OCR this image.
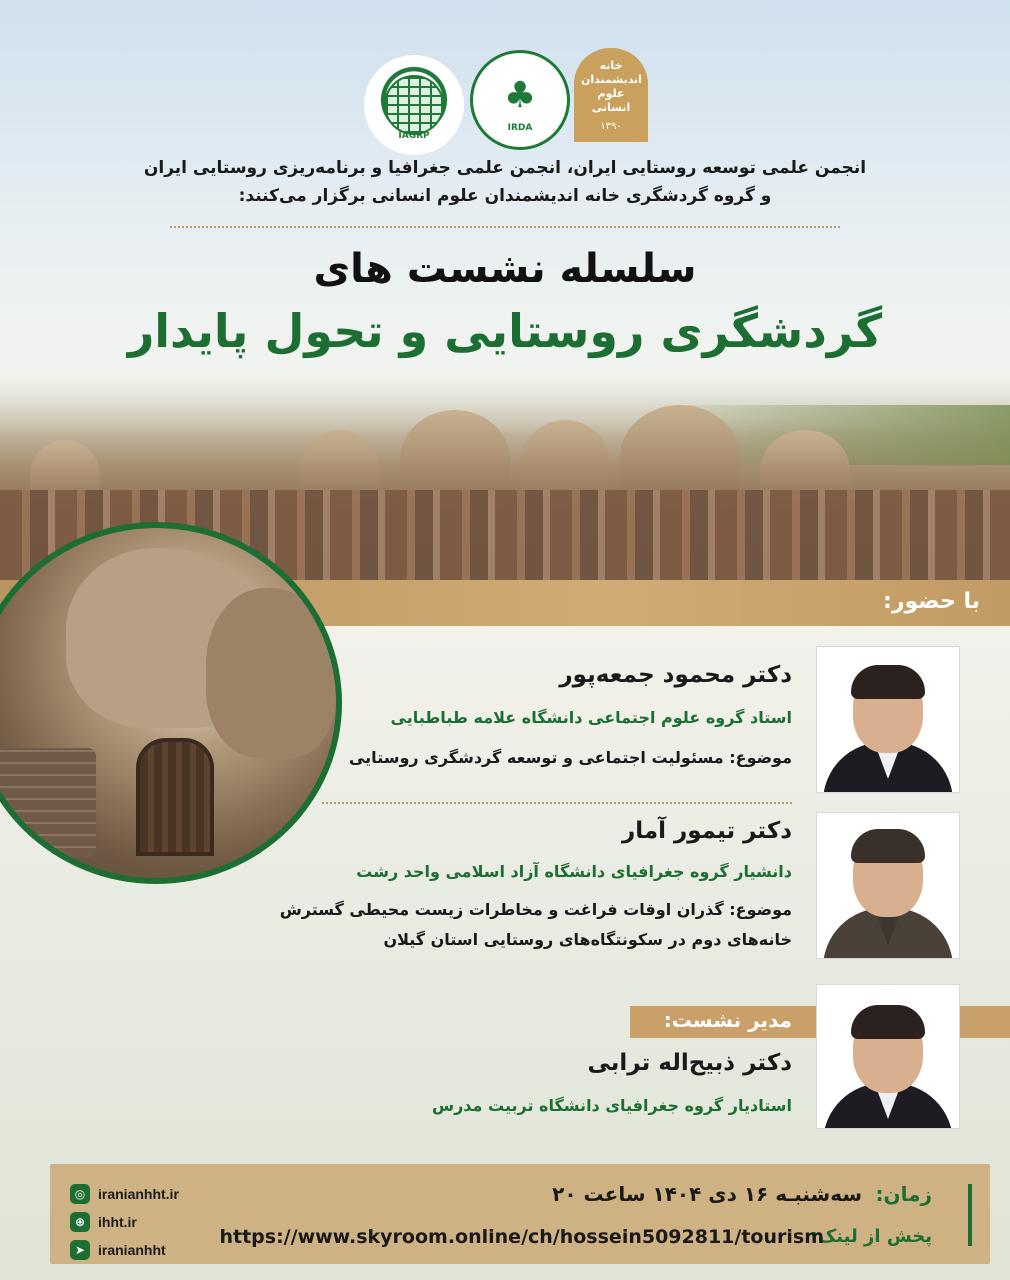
IAGRP
♣
IRDA
خانه اندیشمندان علوم انسانی
۱۳۹۰
انجمن علمی توسعه روستایی ایران، انجمن علمی جغرافیا و برنامه‌ریزی روستایی ایران
و گروه گردشگری خانه اندیشمندان علوم انسانی برگزار می‌کنند:
سلسله نشست های
گردشگری روستایی و تحول پایدار
با حضور:
دکتر محمود جمعه‌پور
استاد گروه علوم اجتماعی دانشگاه علامه طباطبایی
موضوع: مسئولیت اجتماعی و توسعه گردشگری روستایی
دکتر تیمور آمار
دانشیار گروه جغرافیای دانشگاه آزاد اسلامی واحد رشت
موضوع: گذران اوقات فراغت و مخاطرات زیست محیطی گسترش
خانه‌های دوم در سکونتگاه‌های روستایی استان گیلان
مدیر نشست:
دکتر ذبیح‌اله ترابی
استادیار گروه جغرافیای دانشگاه تربیت مدرس
زمان:
سه‌شنبـه ۱۶ دی ۱۴۰۴ ساعت ۲۰
پخش از لینک:
https://www.skyroom.online/ch/hossein5092811/tourism
◎ iranianhht.ir
⊕ ihht.ir
➤ iranianhht
